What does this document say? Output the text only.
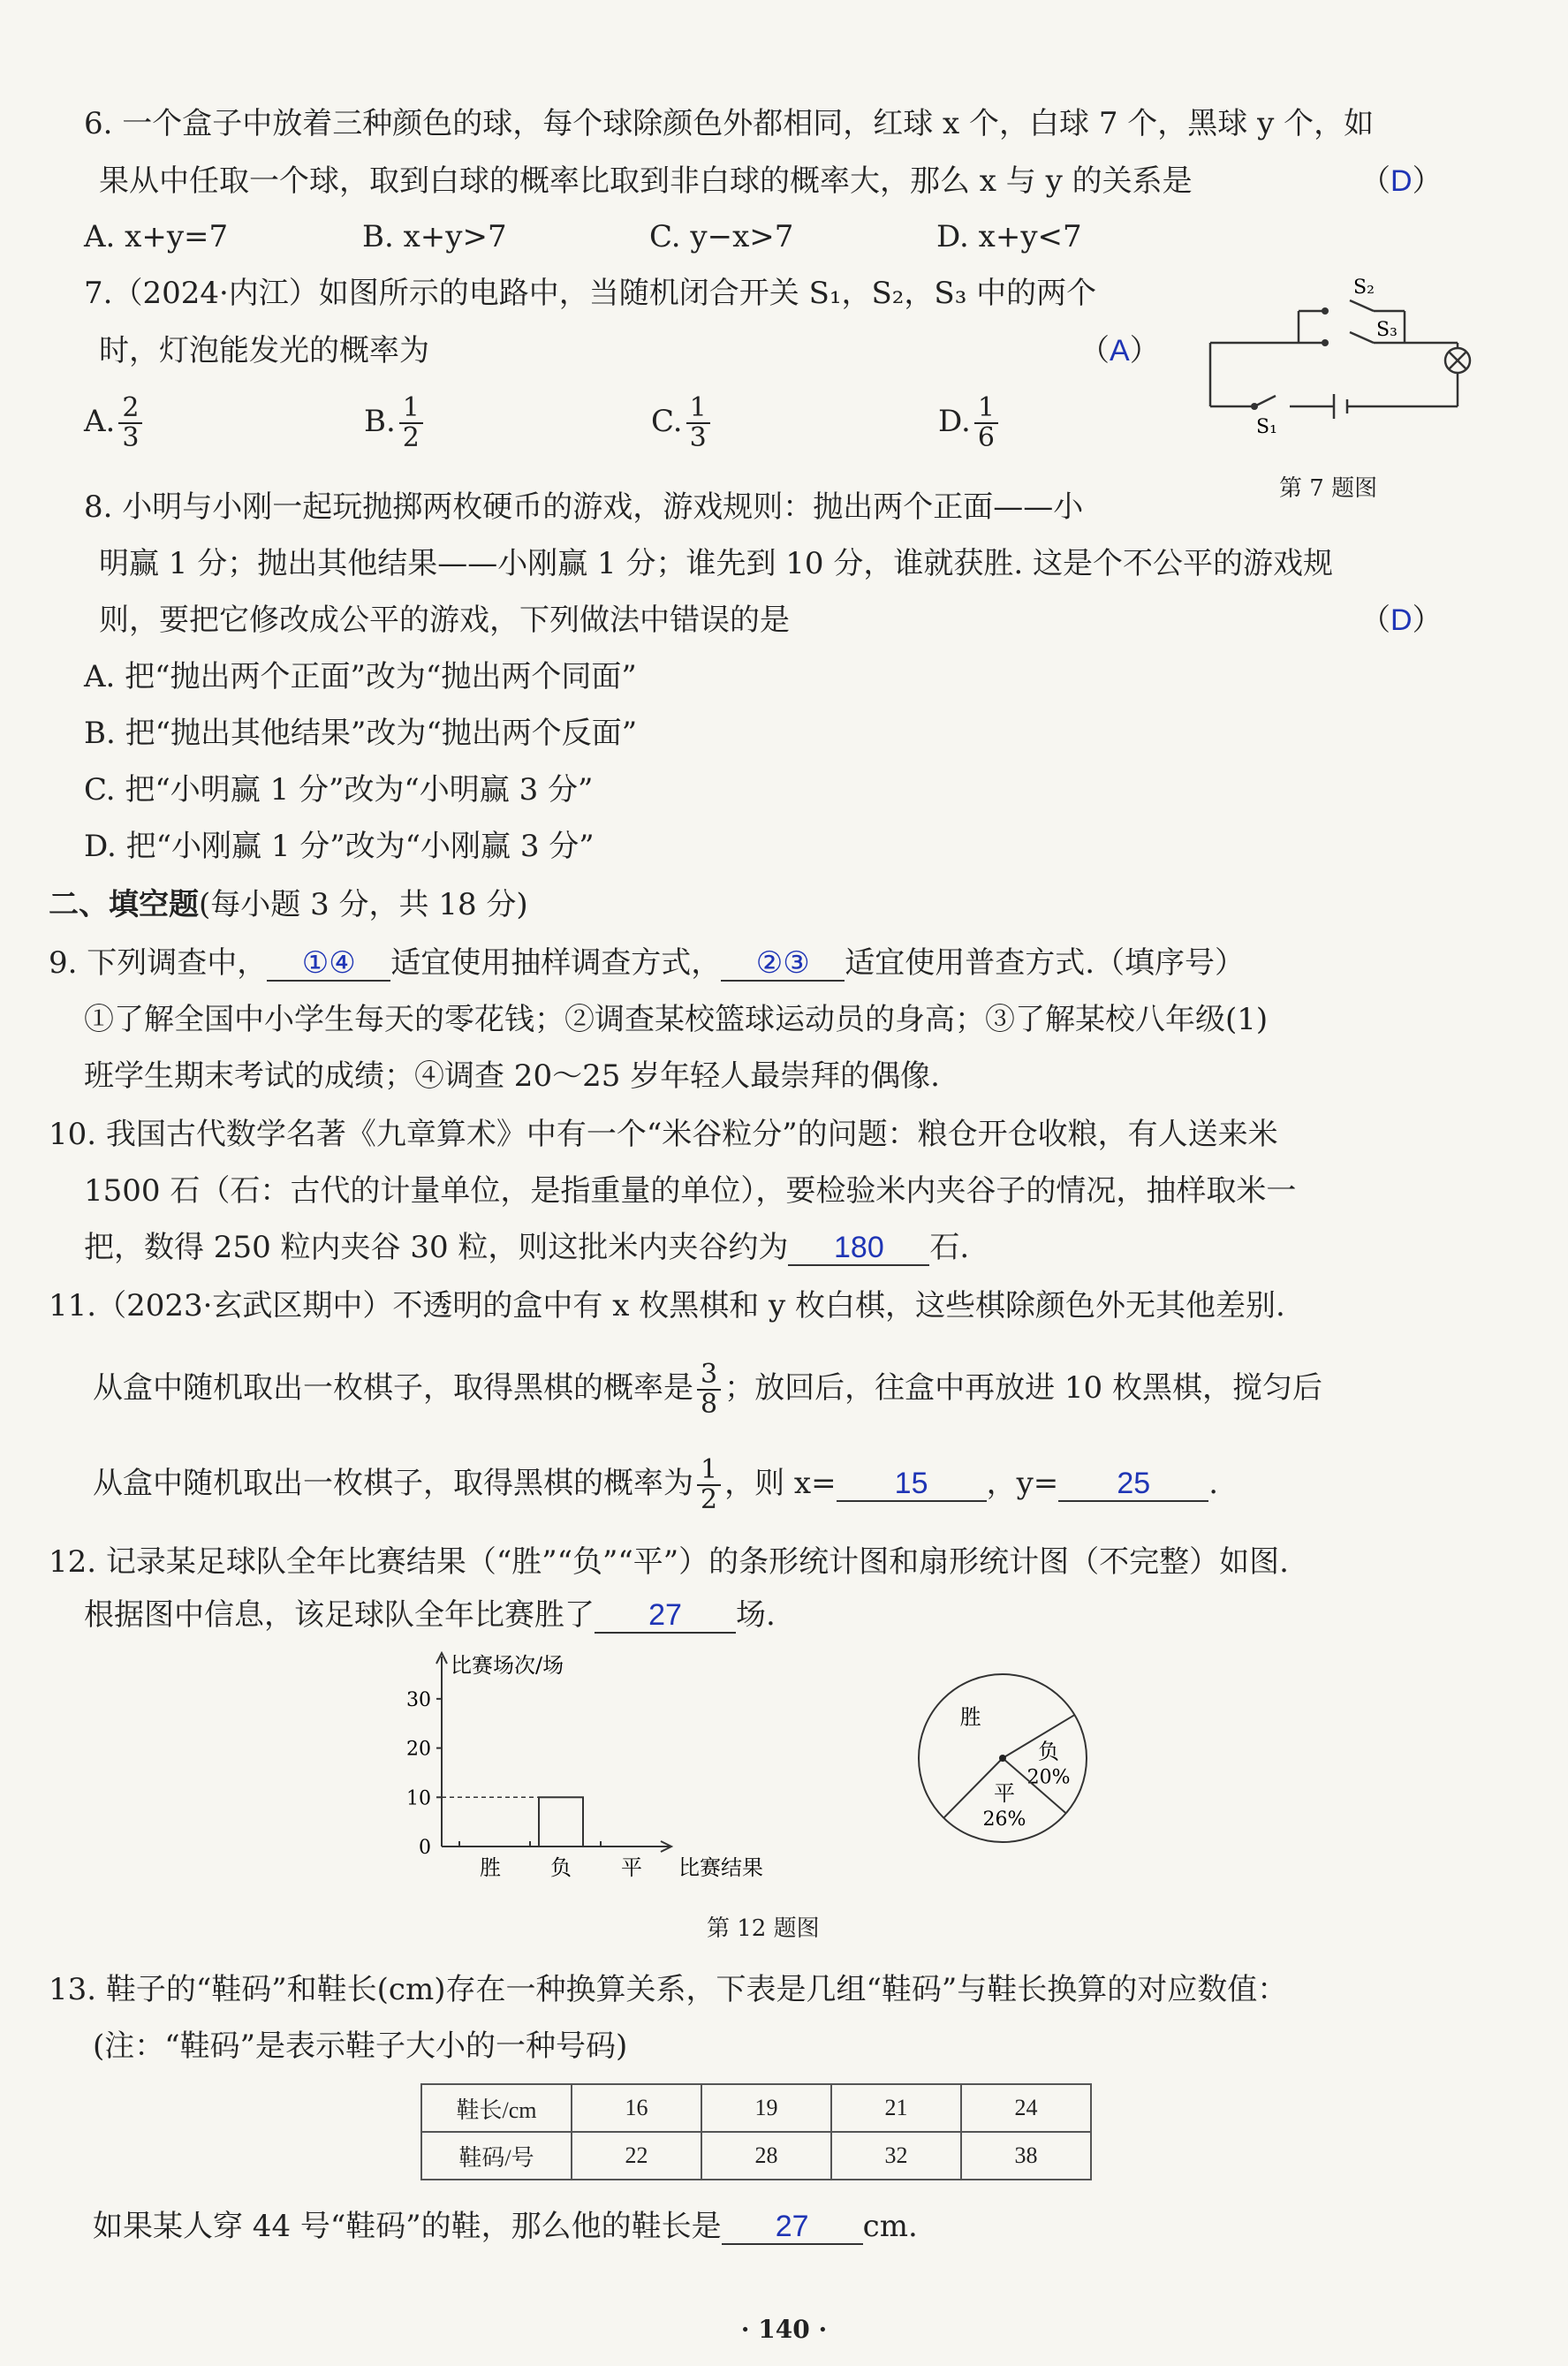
6. 一个盒子中放着三种颜色的球，每个球除颜色外都相同，红球 x 个，白球 7 个，黑球 y 个，如
果从中任取一个球，取到白球的概率比取到非白球的概率大，那么 x 与 y 的关系是	（D）
A. x+y=7	B. x+y>7	C. y−x>7	D. x+y<7
7.（2024·内江）如图所示的电路中，当随机闭合开关 S₁，S₂，S₃ 中的两个
时，灯泡能发光的概率为	（A）
A. $\frac{2}{3}$	B. $\frac{1}{2}$	C. $\frac{1}{3}$	D. $\frac{1}{6}$
S₂
S₃
S₁
第 7 题图
8. 小明与小刚一起玩抛掷两枚硬币的游戏，游戏规则：抛出两个正面——小
明赢 1 分；抛出其他结果——小刚赢 1 分；谁先到 10 分，谁就获胜. 这是个不公平的游戏规
则，要把它修改成公平的游戏，下列做法中错误的是	（D）
A. 把“抛出两个正面”改为“抛出两个同面”
B. 把“抛出其他结果”改为“抛出两个反面”
C. 把“小明赢 1 分”改为“小明赢 3 分”
D. 把“小刚赢 1 分”改为“小刚赢 3 分”
二、填空题(每小题 3 分，共 18 分)
9. 下列调查中， ①④ 适宜使用抽样调查方式， ②③ 适宜使用普查方式.（填序号）
①了解全国中小学生每天的零花钱；②调查某校篮球运动员的身高；③了解某校八年级(1)
班学生期末考试的成绩；④调查 20～25 岁年轻人最崇拜的偶像.
10. 我国古代数学名著《九章算术》中有一个“米谷粒分”的问题：粮仓开仓收粮，有人送来米
1500 石（石：古代的计量单位，是指重量的单位），要检验米内夹谷子的情况，抽样取米一
把，数得 250 粒内夹谷 30 粒，则这批米内夹谷约为 180 石.
11.（2023·玄武区期中）不透明的盒中有 x 枚黑棋和 y 枚白棋，这些棋除颜色外无其他差别.
从盒中随机取出一枚棋子，取得黑棋的概率是 $\frac{3}{8}$ ；放回后，往盒中再放进 10 枚黑棋，搅匀后
从盒中随机取出一枚棋子，取得黑棋的概率为 $\frac{1}{2}$ ，则 x= 15 ，y= 25 .
12. 记录某足球队全年比赛结果（“胜”“负”“平”）的条形统计图和扇形统计图（不完整）如图.
根据图中信息，该足球队全年比赛胜了 27 场.
0
10
20
30
胜 负 平
比赛场次/场
比赛结果
负
20%
平
26%
胜
第 12 题图
13. 鞋子的“鞋码”和鞋长(cm)存在一种换算关系，下表是几组“鞋码”与鞋长换算的对应数值：
(注：“鞋码”是表示鞋子大小的一种号码)
鞋长/cm	16	19	21	24
鞋码/号	22	28	32	38
如果某人穿 44 号“鞋码”的鞋，那么他的鞋长是 27 cm.
· 140 ·
